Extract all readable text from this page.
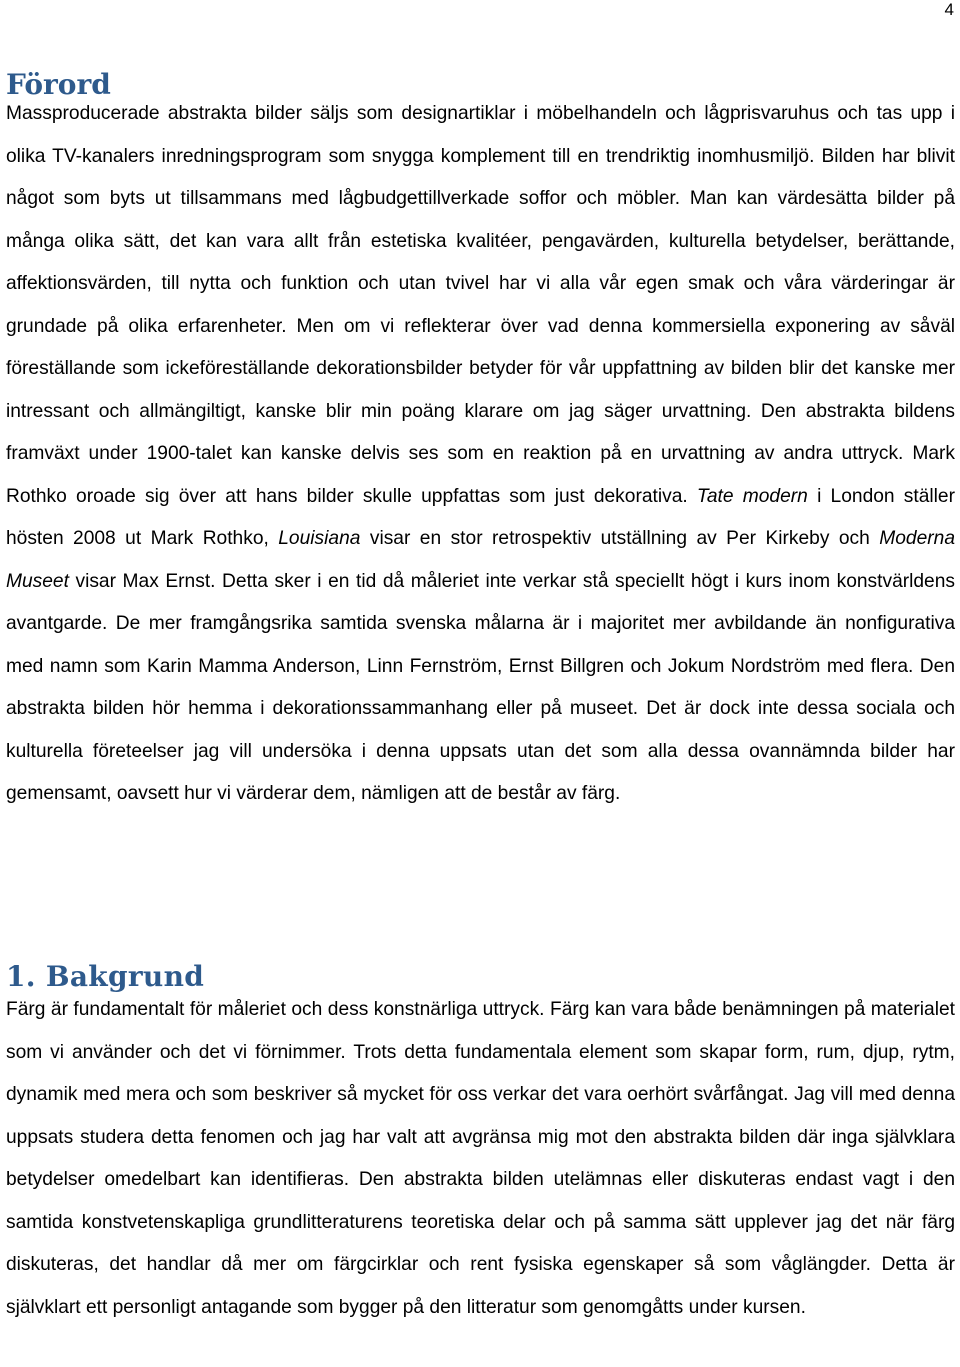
4
Förord

Massproducerade abstrakta bilder säljs som designartiklar i möbelhandeln och lågprisvaruhus och tas upp i olika TV-kanalers inredningsprogram som snygga komplement till en trendriktig inomhusmiljö. Bilden har blivit något som byts ut tillsammans med lågbudgettillverkade soffor och möbler. Man kan värdesätta bilder på många olika sätt, det kan vara allt från estetiska kvalitéer, pengavärden, kulturella betydelser, berättande, affektionsvärden, till nytta och funktion och utan tvivel har vi alla vår egen smak och våra värderingar är grundade på olika erfarenheter. Men om vi reflekterar över vad denna kommersiella exponering av såväl föreställande som ickeföreställande dekorationsbilder betyder för vår uppfattning av bilden blir det kanske mer intressant och allmängiltigt, kanske blir min poäng klarare om jag säger urvattning. Den abstrakta bildens framväxt under 1900-talet kan kanske delvis ses som en reaktion på en urvattning av andra uttryck. Mark Rothko oroade sig över att hans bilder skulle uppfattas som just dekorativa. Tate modern i London ställer hösten 2008 ut Mark Rothko, Louisiana visar en stor retrospektiv utställning av Per Kirkeby och Moderna Museet visar Max Ernst. Detta sker i en tid då måleriet inte verkar stå speciellt högt i kurs inom konstvärldens avantgarde. De mer framgångsrika samtida svenska målarna är i majoritet mer avbildande än nonfigurativa med namn som Karin Mamma Anderson, Linn Fernström, Ernst Billgren och Jokum Nordström med flera. Den abstrakta bilden hör hemma i dekorationssammanhang eller på museet. Det är dock inte dessa sociala och kulturella företeelser jag vill undersöka i denna uppsats utan det som alla dessa ovannämnda bilder har gemensamt, oavsett hur vi värderar dem, nämligen att de består av färg.

1. Bakgrund

Färg är fundamentalt för måleriet och dess konstnärliga uttryck. Färg kan vara både benämningen på materialet som vi använder och det vi förnimmer. Trots detta fundamentala element som skapar form, rum, djup, rytm, dynamik med mera och som beskriver så mycket för oss verkar det vara oerhört svårfångat. Jag vill med denna uppsats studera detta fenomen och jag har valt att avgränsa mig mot den abstrakta bilden där inga självklara betydelser omedelbart kan identifieras. Den abstrakta bilden utelämnas eller diskuteras endast vagt i den samtida konstvetenskapliga grundlitteraturens teoretiska delar och på samma sätt upplever jag det när färg diskuteras, det handlar då mer om färgcirklar och rent fysiska egenskaper så som våglängder. Detta är självklart ett personligt antagande som bygger på den litteratur som genomgåtts under kursen.
